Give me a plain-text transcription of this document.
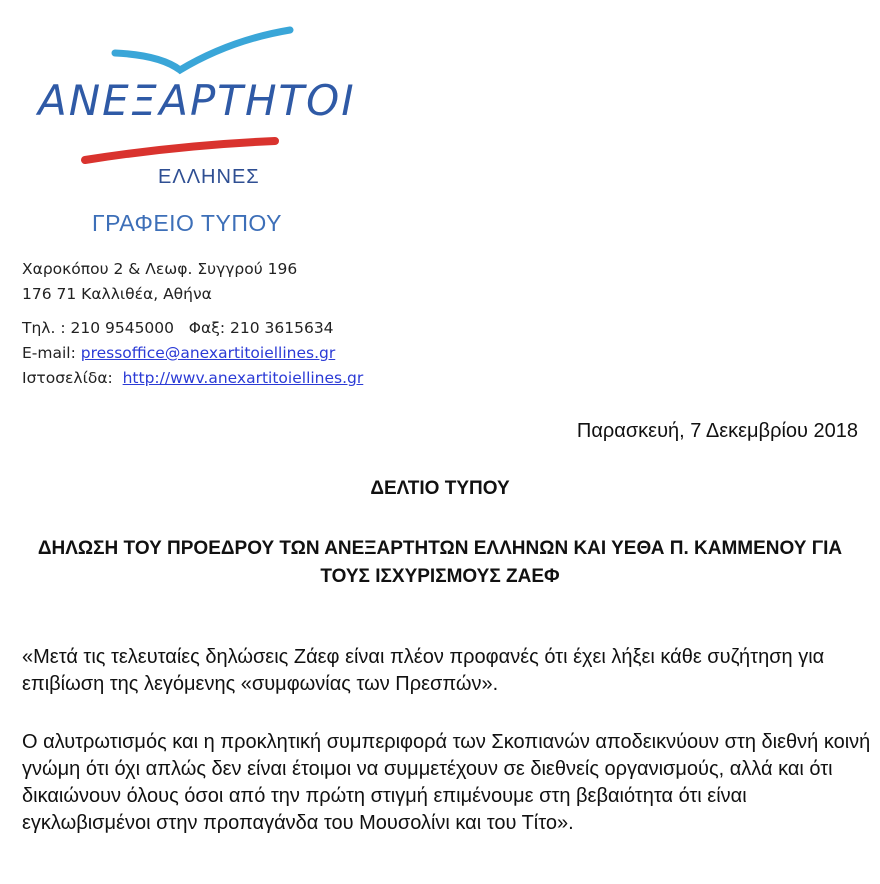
ΑΝΕΞΑΡΤΗΤΟΙ
ΕΛΛΗΝΕΣ
ΓΡΑΦΕΙΟ ΤΥΠΟΥ
Χαροκόπου 2 & Λεωφ. Συγγρού 196
176 71 Καλλιθέα, Αθήνα
Τηλ. : 210 9545000   Φαξ: 210 3615634
E-mail: pressoffice@anexartitoiellines.gr
Ιστοσελίδα:  http://wwv.anexartitoiellines.gr
Παρασκευή, 7 Δεκεμβρίου 2018
ΔΕΛΤΙΟ ΤΥΠΟΥ
ΔΗΛΩΣΗ ΤΟΥ ΠΡΟΕΔΡΟΥ ΤΩΝ ΑΝΕΞΑΡΤΗΤΩΝ ΕΛΛΗΝΩΝ ΚΑΙ ΥΕΘΑ Π. ΚΑΜΜΕΝΟΥ ΓΙΑ ΤΟΥΣ ΙΣΧΥΡΙΣΜΟΥΣ ΖΑΕΦ
«Μετά τις τελευταίες δηλώσεις Ζάεφ είναι πλέον προφανές ότι έχει λήξει κάθε συζήτηση για επιβίωση της λεγόμενης «συμφωνίας των Πρεσπών».
Ο αλυτρωτισμός και η προκλητική συμπεριφορά των Σκοπιανών αποδεικνύουν στη διεθνή κοινή γνώμη ότι όχι απλώς δεν είναι έτοιμοι να συμμετέχουν σε διεθνείς οργανισμούς, αλλά και ότι δικαιώνουν όλους όσοι από την πρώτη στιγμή επιμένουμε στη βεβαιότητα ότι είναι εγκλωβισμένοι στην προπαγάνδα του Μουσολίνι και του Τίτο».
